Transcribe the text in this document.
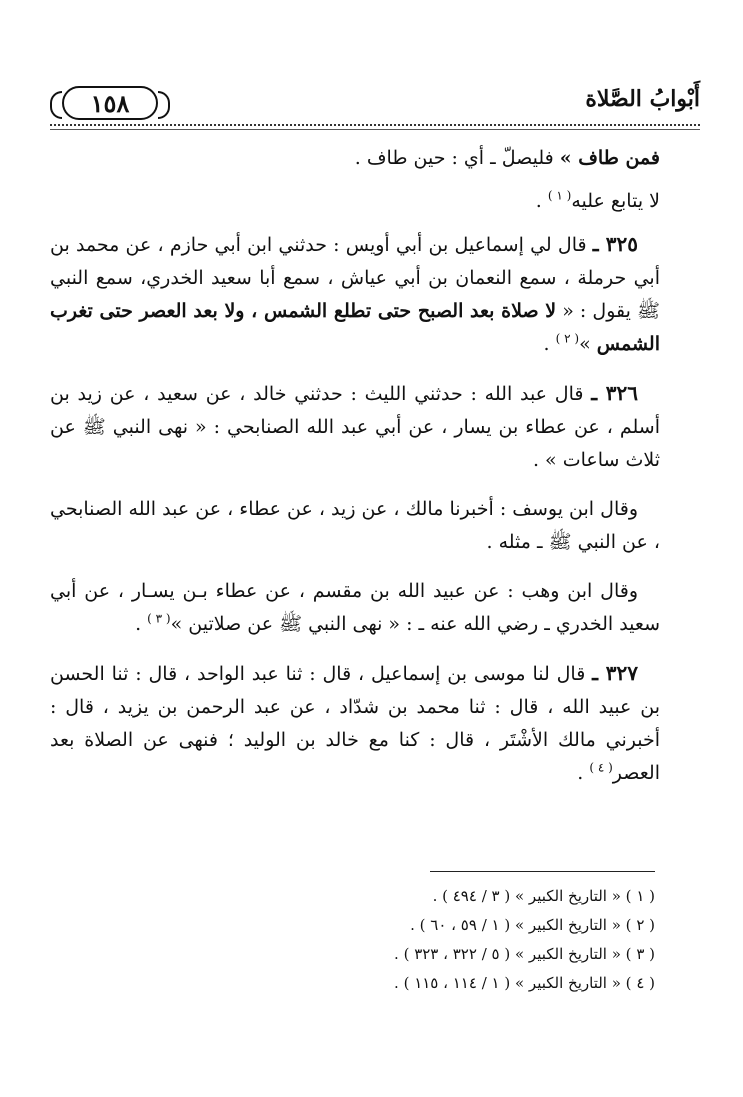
١٥٨	أَبْوابُ الصَّلاة

فمن طاف » فليصلّ ـ أي : حين طاف .

لا يتابع عليه$^{( ١ )}$ .

٣٢٥ ـ قال لي إسماعيل بن أبي أويس : حدثني ابن أبي حازم ، عن محمد بن أبي حرملة ، سمع النعمان بن أبي عياش ، سمع أبا سعيد الخدري، سمع النبي ﷺ يقول : « لا صلاة بعد الصبح حتى تطلع الشمس ، ولا بعد العصر حتى تغرب الشمس »$^{( ٢ )}$ .

٣٢٦ ـ قال عبد الله : حدثني الليث : حدثني خالد ، عن سعيد ، عن زيد بن أسلم ، عن عطاء بن يسار ، عن أبي عبد الله الصنابحي : « نهى النبي ﷺ عن ثلاث ساعات » .

وقال ابن يوسف : أخبرنا مالك ، عن زيد ، عن عطاء ، عن عبد الله الصنابحي ، عن النبي ﷺ ـ مثله .

وقال ابن وهب : عن عبيد الله بن مقسم ، عن عطاء بـن يسـار ، عن أبي سعيد الخدري ـ رضي الله عنه ـ : « نهى النبي ﷺ عن صلاتين »$^{( ٣ )}$ .

٣٢٧ ـ قال لنا موسى بن إسماعيل ، قال : ثنا عبد الواحد ، قال : ثنا الحسن بن عبيد الله ، قال : ثنا محمد بن شدّاد ، عن عبد الرحمن بن يزيد ، قال : أخبرني مالك الأشْتَر ، قال : كنا مع خالد بن الوليد ؛ فنهى عن الصلاة بعد العصر$^{( ٤ )}$ .

( ١ ) « التاريخ الكبير » ( ٣ / ٤٩٤ ) .
( ٢ ) « التاريخ الكبير » ( ١ / ٥٩ ، ٦٠ ) .
( ٣ ) « التاريخ الكبير » ( ٥ / ٣٢٢ ، ٣٢٣ ) .
( ٤ ) « التاريخ الكبير » ( ١ / ١١٤ ، ١١٥ ) .
